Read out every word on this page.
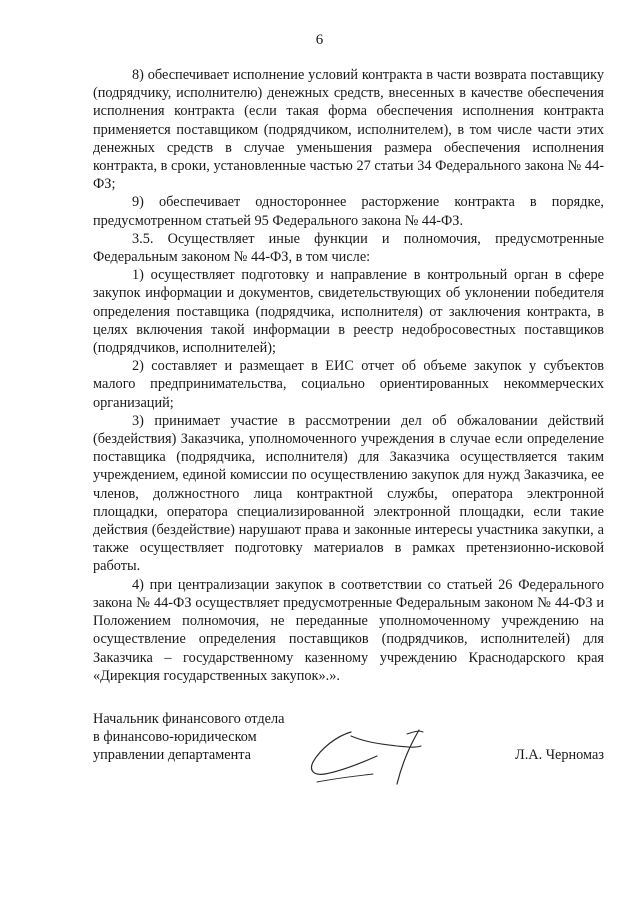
6

8) обеспечивает исполнение условий контракта в части возврата поставщику (подрядчику, исполнителю) денежных средств, внесенных в качестве обеспечения исполнения контракта (если такая форма обеспечения исполнения контракта применяется поставщиком (подрядчиком, исполнителем), в том числе части этих денежных средств в случае уменьшения размера обеспечения исполнения контракта, в сроки, установленные частью 27 статьи 34 Федерального закона № 44-ФЗ;

9) обеспечивает одностороннее расторжение контракта в порядке, предусмотренном статьей 95 Федерального закона № 44-ФЗ.

3.5. Осуществляет иные функции и полномочия, предусмотренные Федеральным законом № 44-ФЗ, в том числе:

1) осуществляет подготовку и направление в контрольный орган в сфере закупок информации и документов, свидетельствующих об уклонении победителя определения поставщика (подрядчика, исполнителя) от заключения контракта, в целях включения такой информации в реестр недобросовестных поставщиков (подрядчиков, исполнителей);

2) составляет и размещает в ЕИС отчет об объеме закупок у субъектов малого предпринимательства, социально ориентированных некоммерческих организаций;

3) принимает участие в рассмотрении дел об обжаловании действий (бездействия) Заказчика, уполномоченного учреждения в случае если определение поставщика (подрядчика, исполнителя) для Заказчика осуществляется таким учреждением, единой комиссии по осуществлению закупок для нужд Заказчика, ее членов, должностного лица контрактной службы, оператора электронной площадки, оператора специализированной электронной площадки, если такие действия (бездействие) нарушают права и законные интересы участника закупки, а также осуществляет подготовку материалов в рамках претензионно-исковой работы.

4) при централизации закупок в соответствии со статьей 26 Федерального закона № 44-ФЗ осуществляет предусмотренные Федеральным законом № 44-ФЗ и Положением полномочия, не переданные уполномоченному учреждению на осуществление определения поставщиков (подрядчиков, исполнителей) для Заказчика – государственному казенному учреждению Краснодарского края «Дирекция государственных закупок».».

Начальник финансового отдела
в финансово-юридическом
управлении департамента	Л.А. Черномаз
